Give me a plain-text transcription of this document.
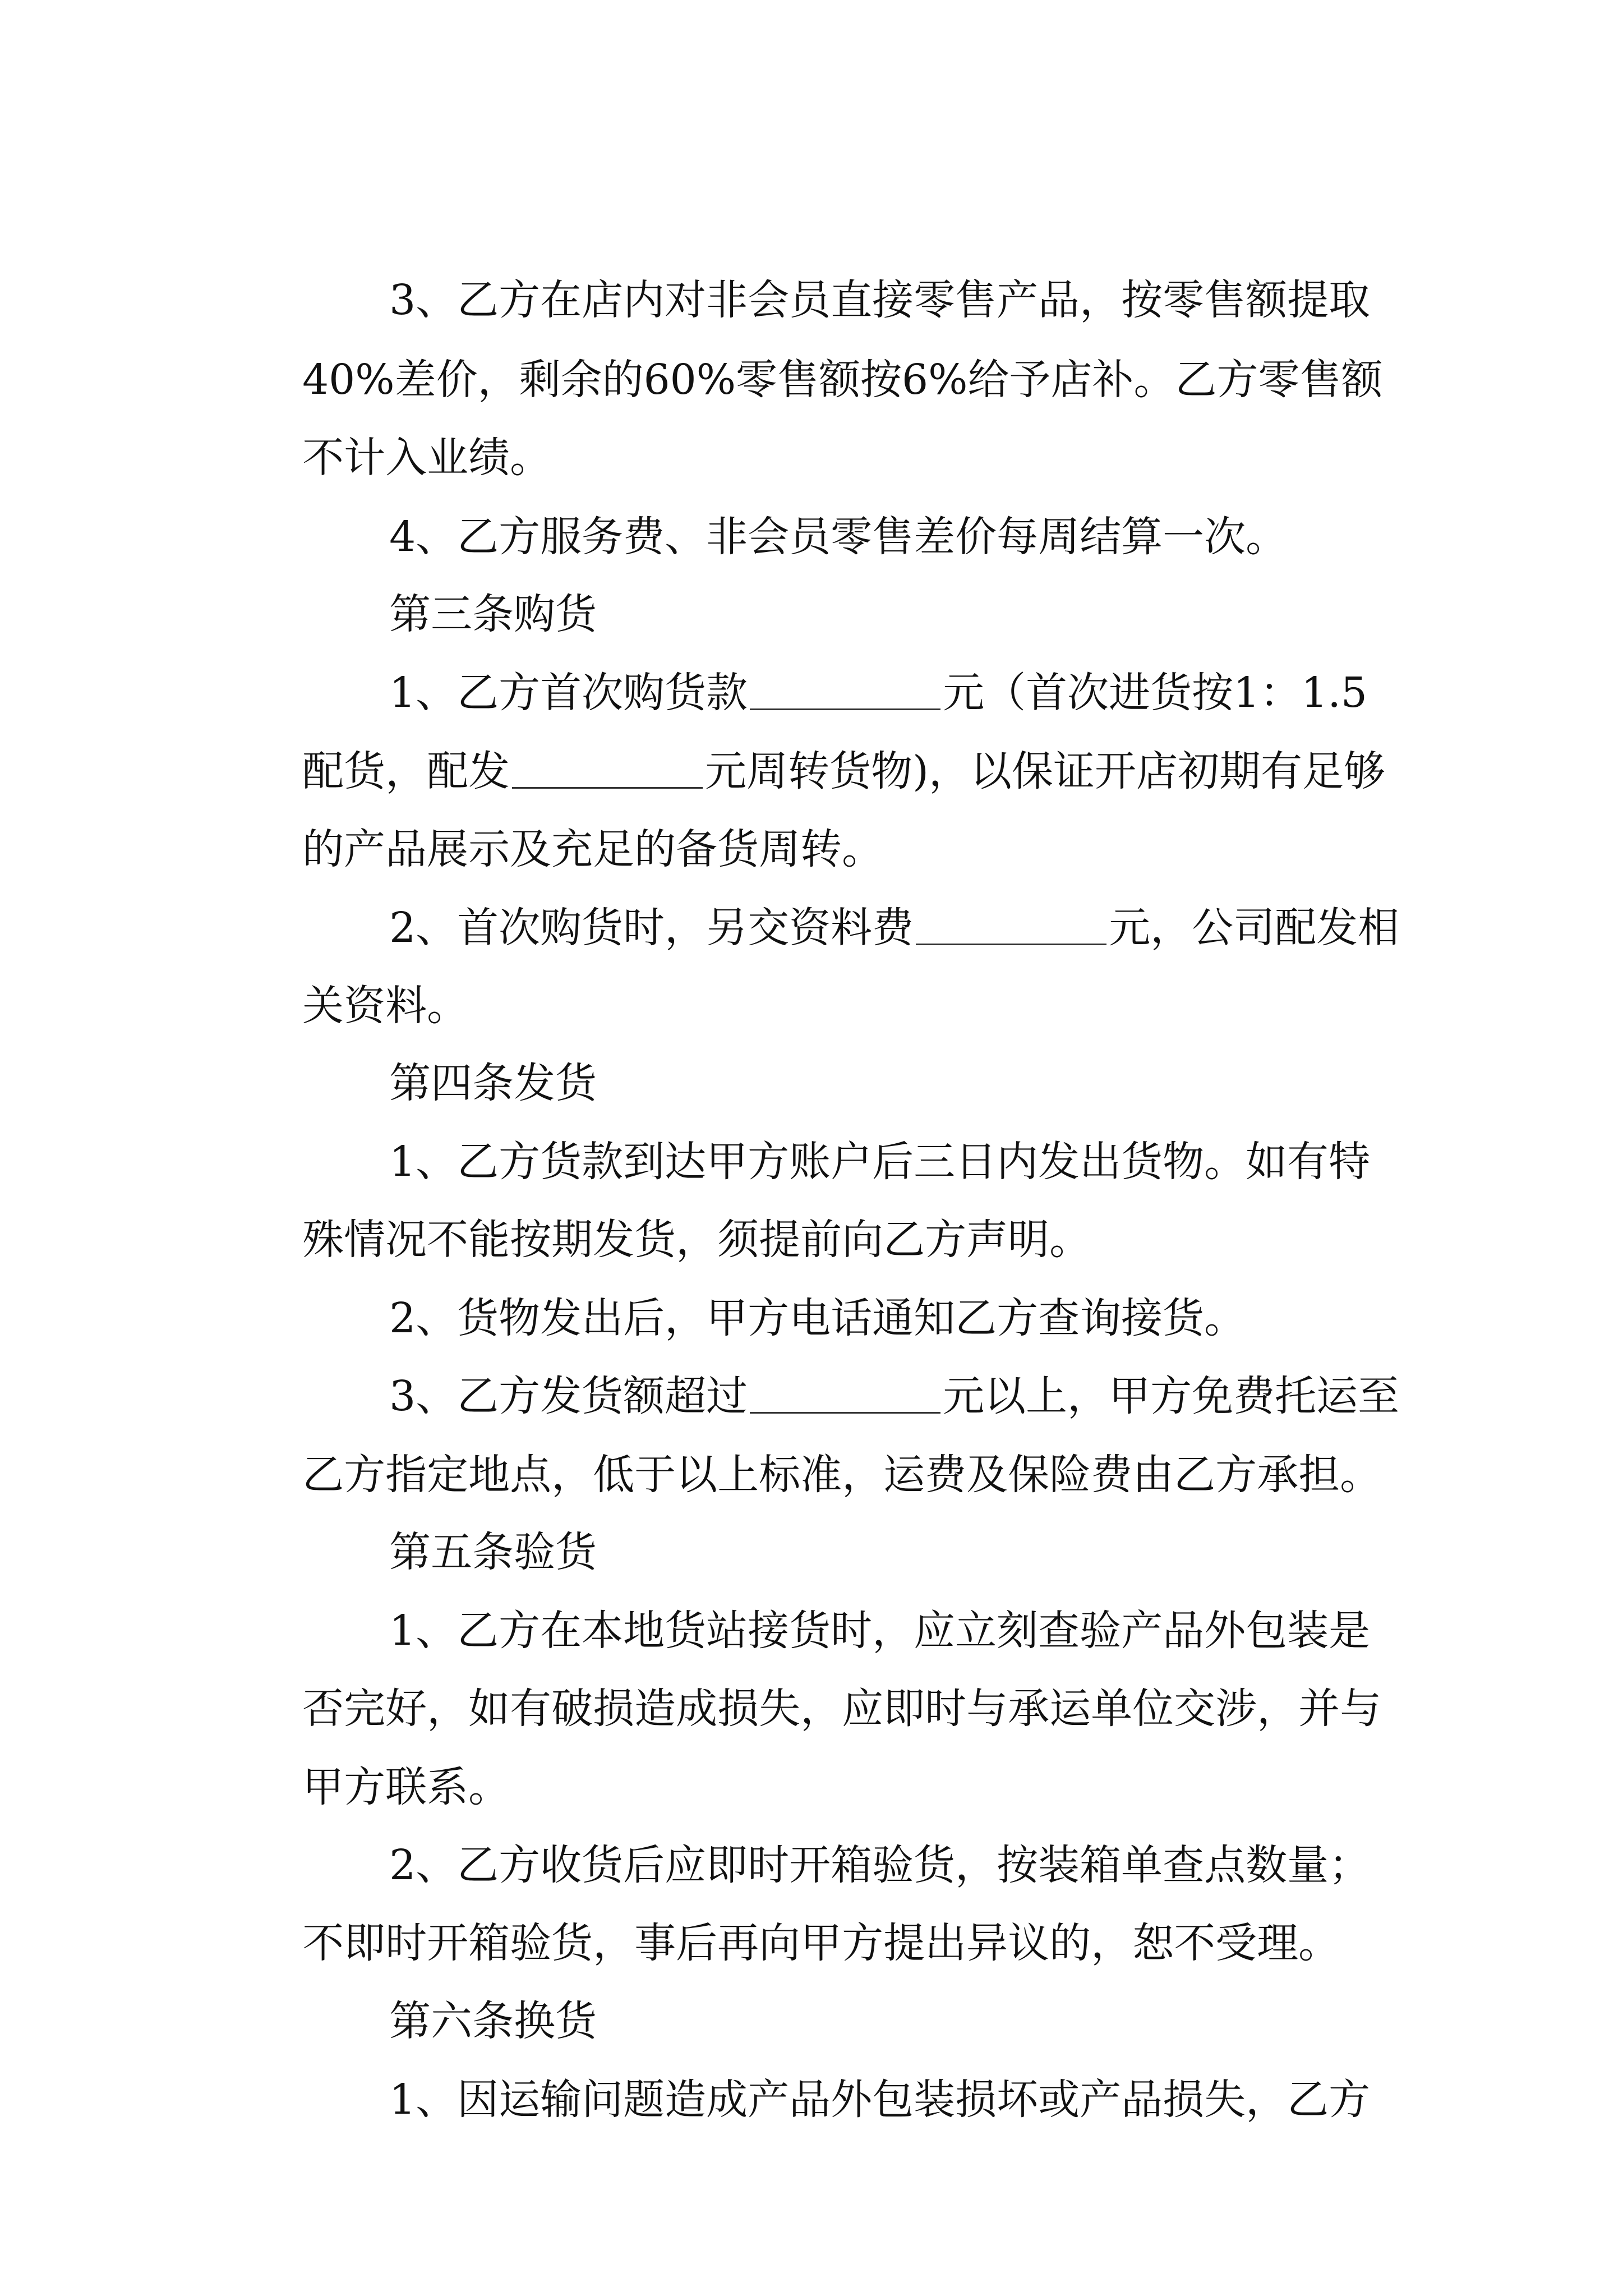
3、乙方在店内对非会员直接零售产品，按零售额提取

40%差价，剩余的60%零售额按6%给予店补。乙方零售额

不计入业绩。

4、乙方服务费、非会员零售差价每周结算一次。

第三条购货

1、乙方首次购货款	元（首次进货按1：1.5

配货，配发	元周转货物)，以保证开店初期有足够

的产品展示及充足的备货周转。

2、首次购货时，另交资料费	元，公司配发相

关资料。

第四条发货

1、乙方货款到达甲方账户后三日内发出货物。如有特

殊情况不能按期发货，须提前向乙方声明。

2、货物发出后，甲方电话通知乙方查询接货。

3、乙方发货额超过	元以上，甲方免费托运至

乙方指定地点，低于以上标准，运费及保险费由乙方承担。

第五条验货

1、乙方在本地货站接货时，应立刻查验产品外包装是

否完好，如有破损造成损失，应即时与承运单位交涉，并与

甲方联系。

2、乙方收货后应即时开箱验货，按装箱单查点数量；

不即时开箱验货，事后再向甲方提出异议的，恕不受理。

第六条换货

1、因运输问题造成产品外包装损坏或产品损失，乙方
